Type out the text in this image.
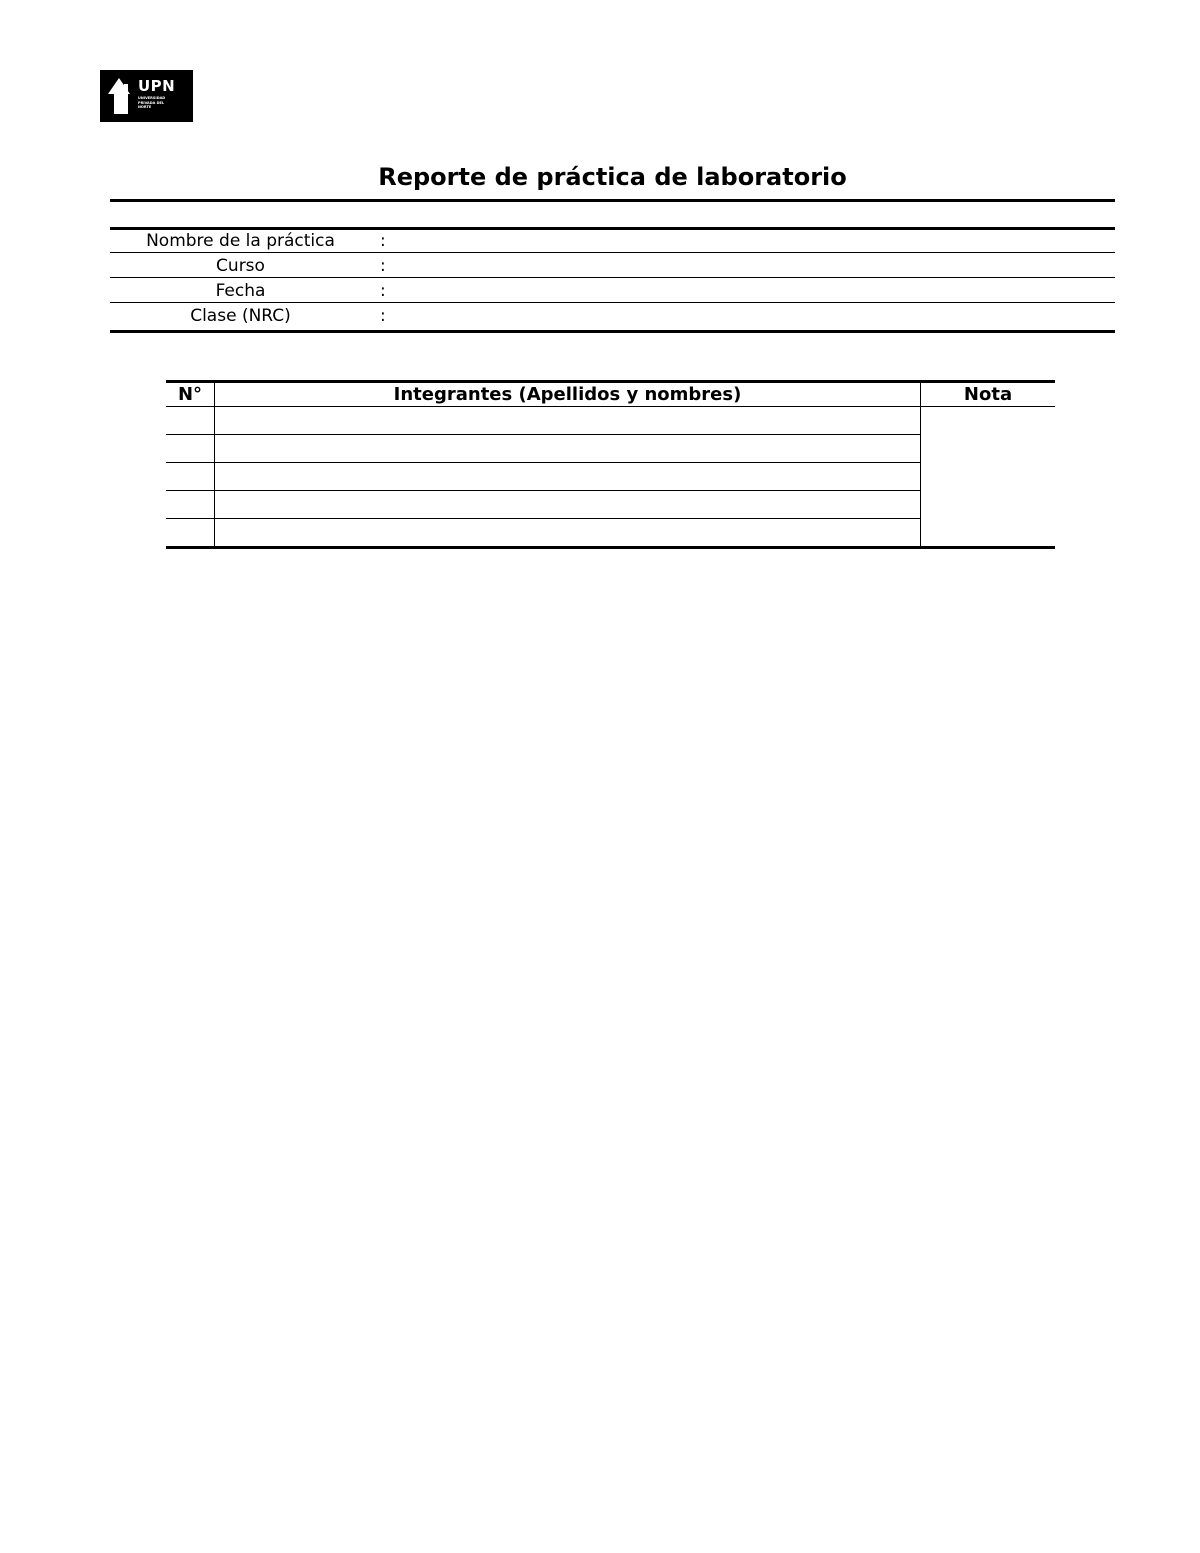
UPN
UNIVERSIDAD PRIVADA DEL NORTE
Reporte de práctica de laboratorio
Nombre de la práctica	:
Curso	:
Fecha	:
Clase (NRC)	:
N°	Integrantes (Apellidos y nombres)	Nota
